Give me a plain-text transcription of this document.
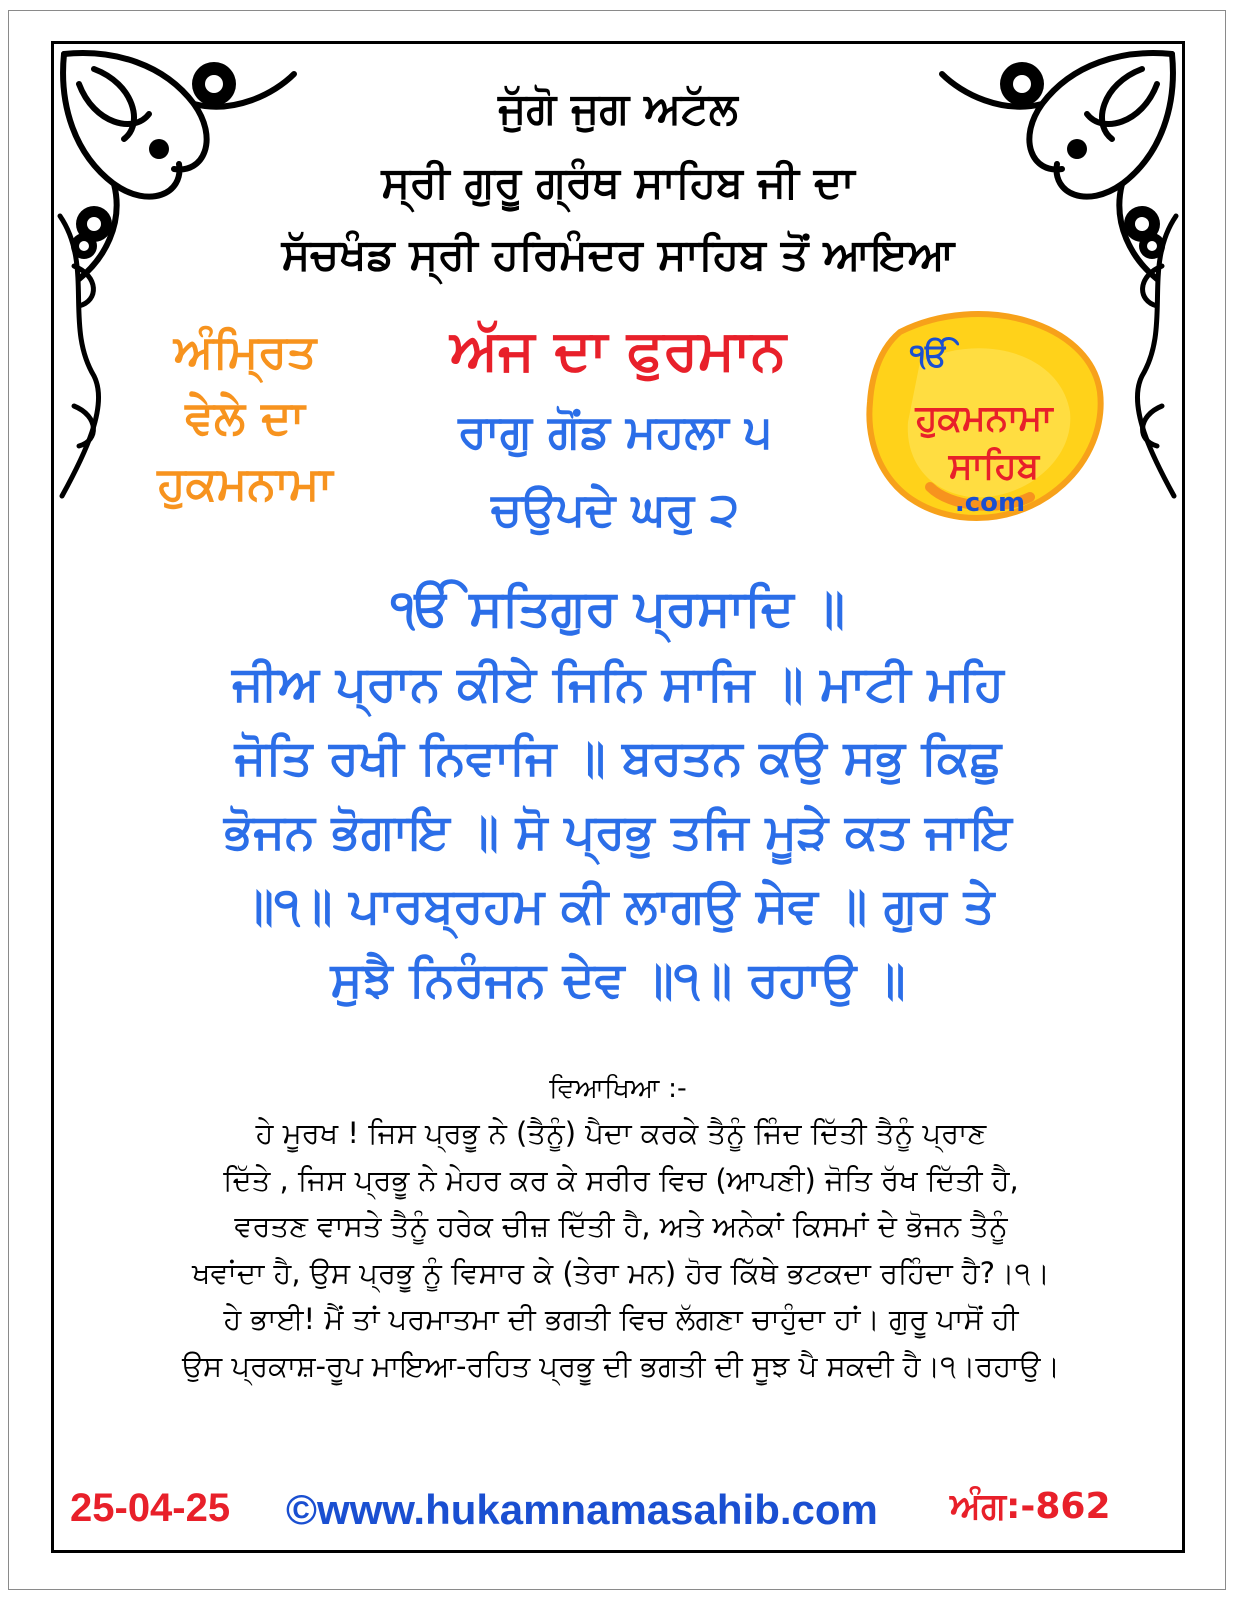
ਜੁੱਗੋ ਜੁਗ ਅਟੱਲ
ਸ੍ਰੀ ਗੁਰੂ ਗ੍ਰੰਥ ਸਾਹਿਬ ਜੀ ਦਾ
ਸੱਚਖੰਡ ਸ੍ਰੀ ਹਰਿਮੰਦਰ ਸਾਹਿਬ ਤੋਂ ਆਇਆ
ਅੰਮ੍ਰਿਤ
ਵੇਲੇ ਦਾ
ਹੁਕਮਨਾਮਾ
ਅੱਜ ਦਾ ਫੁਰਮਾਨ
ਰਾਗੁ ਗੋਂਡ ਮਹਲਾ ੫
ਚਉਪਦੇ ਘਰੁ ੨
ੴ
ਹੁਕਮਨਾਮਾ
ਸਾਹਿਬ
.com
ੴ ਸਤਿਗੁਰ ਪ੍ਰਸਾਦਿ ॥
ਜੀਅ ਪ੍ਰਾਨ ਕੀਏ ਜਿਨਿ ਸਾਜਿ ॥ ਮਾਟੀ ਮਹਿ
ਜੋਤਿ ਰਖੀ ਨਿਵਾਜਿ ॥ ਬਰਤਨ ਕਉ ਸਭੁ ਕਿਛੁ
ਭੋਜਨ ਭੋਗਾਇ ॥ ਸੋ ਪ੍ਰਭੁ ਤਜਿ ਮੂੜੇ ਕਤ ਜਾਇ
॥੧॥ ਪਾਰਬ੍ਰਹਮ ਕੀ ਲਾਗਉ ਸੇਵ ॥ ਗੁਰ ਤੇ
ਸੁਝੈ ਨਿਰੰਜਨ ਦੇਵ ॥੧॥ ਰਹਾਉ ॥
ਵਿਆਖਿਆ :-
ਹੇ ਮੂਰਖ ! ਜਿਸ ਪ੍ਰਭੂ ਨੇ (ਤੈਨੂੰ) ਪੈਦਾ ਕਰਕੇ ਤੈਨੂੰ ਜਿੰਦ ਦਿੱਤੀ ਤੈਨੂੰ ਪ੍ਰਾਣ
ਦਿੱਤੇ , ਜਿਸ ਪ੍ਰਭੂ ਨੇ ਮੇਹਰ ਕਰ ਕੇ ਸਰੀਰ ਵਿਚ (ਆਪਣੀ) ਜੋਤਿ ਰੱਖ ਦਿੱਤੀ ਹੈ,
ਵਰਤਣ ਵਾਸਤੇ ਤੈਨੂੰ ਹਰੇਕ ਚੀਜ਼ ਦਿੱਤੀ ਹੈ, ਅਤੇ ਅਨੇਕਾਂ ਕਿਸਮਾਂ ਦੇ ਭੋਜਨ ਤੈਨੂੰ
ਖਵਾਂਦਾ ਹੈ, ਉਸ ਪ੍ਰਭੂ ਨੂੰ ਵਿਸਾਰ ਕੇ (ਤੇਰਾ ਮਨ) ਹੋਰ ਕਿੱਥੇ ਭਟਕਦਾ ਰਹਿੰਦਾ ਹੈ?।੧।
ਹੇ ਭਾਈ! ਮੈਂ ਤਾਂ ਪਰਮਾਤਮਾ ਦੀ ਭਗਤੀ ਵਿਚ ਲੱਗਣਾ ਚਾਹੁੰਦਾ ਹਾਂ। ਗੁਰੂ ਪਾਸੋਂ ਹੀ
ਉਸ ਪ੍ਰਕਾਸ਼-ਰੂਪ ਮਾਇਆ-ਰਹਿਤ ਪ੍ਰਭੂ ਦੀ ਭਗਤੀ ਦੀ ਸੂਝ ਪੈ ਸਕਦੀ ਹੈ।੧।ਰਹਾਉ।
25-04-25 ©www.hukamnamasahib.com ਅੰਗ:-862
